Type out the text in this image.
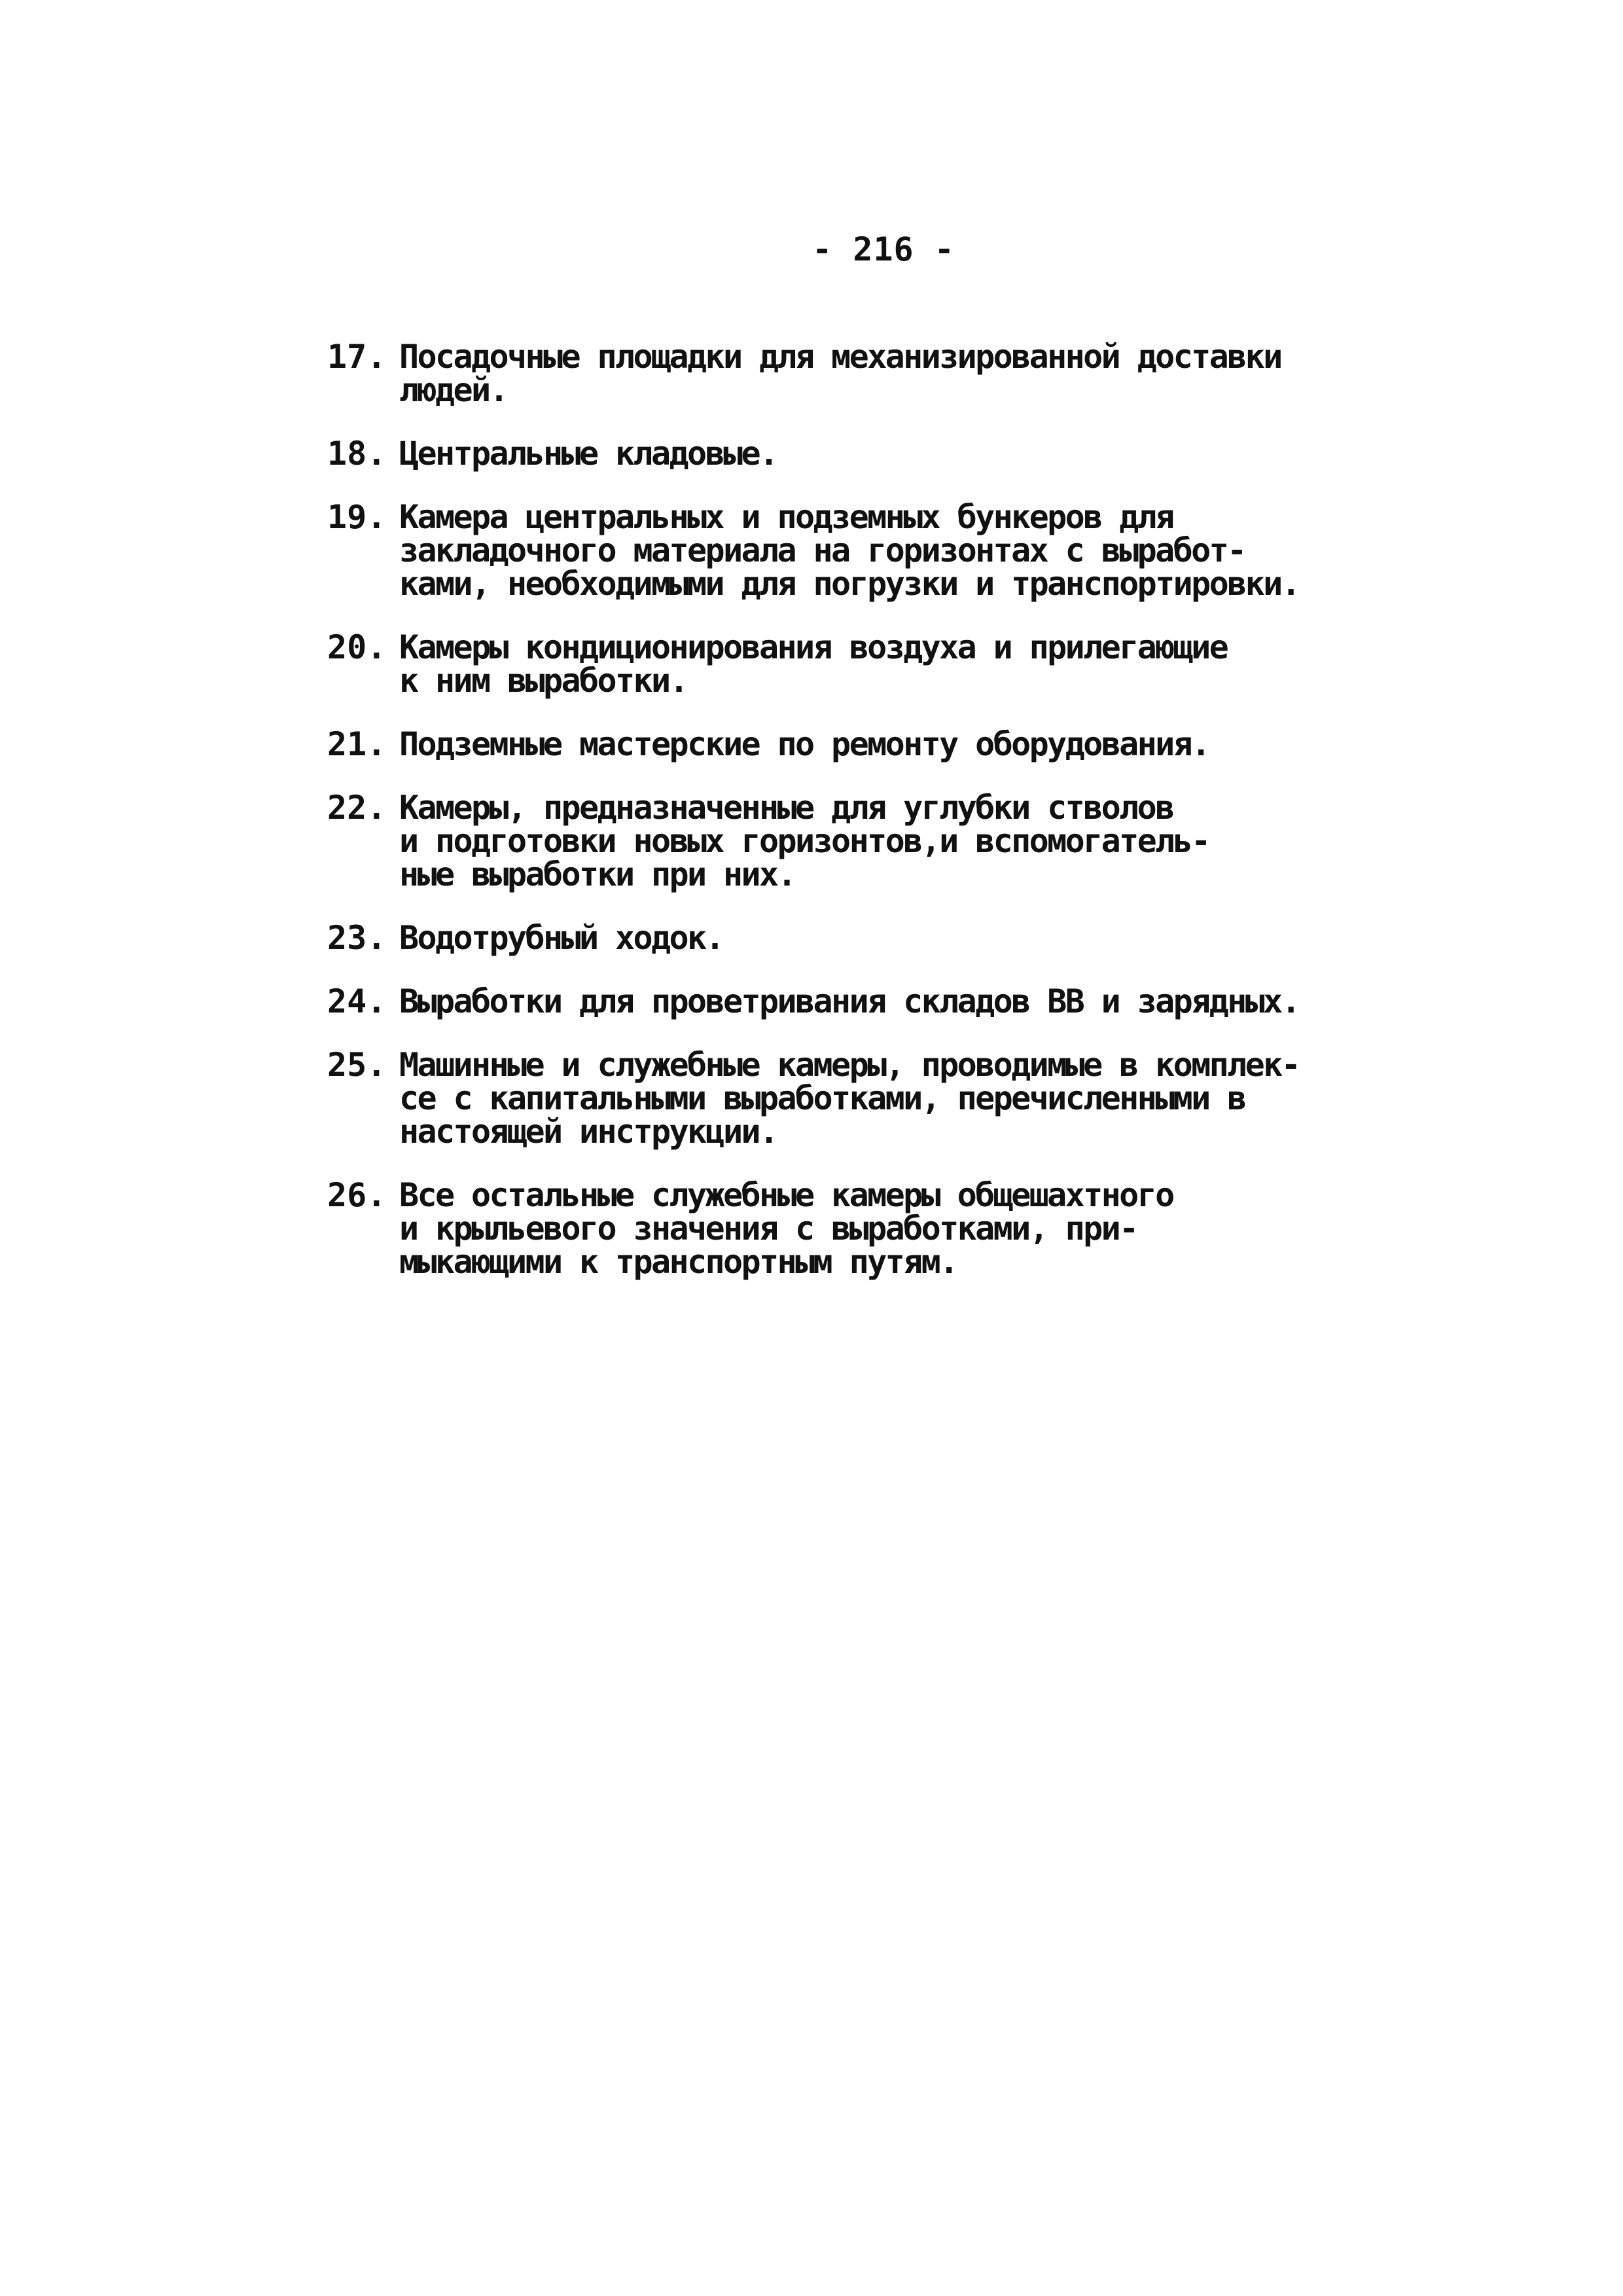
- 216 -
17. Посадочные площадки для механизированной доставки
людей.
18. Центральные кладовые.
19. Камера центральных и подземных бункеров для
закладочного материала на горизонтах с выработ-
ками, необходимыми для погрузки и транспортировки.
20. Камеры кондиционирования воздуха и прилегающие
к ним выработки.
21. Подземные мастерские по ремонту оборудования.
22. Камеры, предназначенные для углубки стволов
и подготовки новых горизонтов,и вспомогатель-
ные выработки при них.
23. Водотрубный ходок.
24. Выработки для проветривания складов ВВ и зарядных.
25. Машинные и служебные камеры, проводимые в комплек-
се с капитальными выработками, перечисленными в
настоящей инструкции.
26. Все остальные служебные камеры общешахтного
и крыльевого значения с выработками, при-
мыкающими к транспортным путям.
